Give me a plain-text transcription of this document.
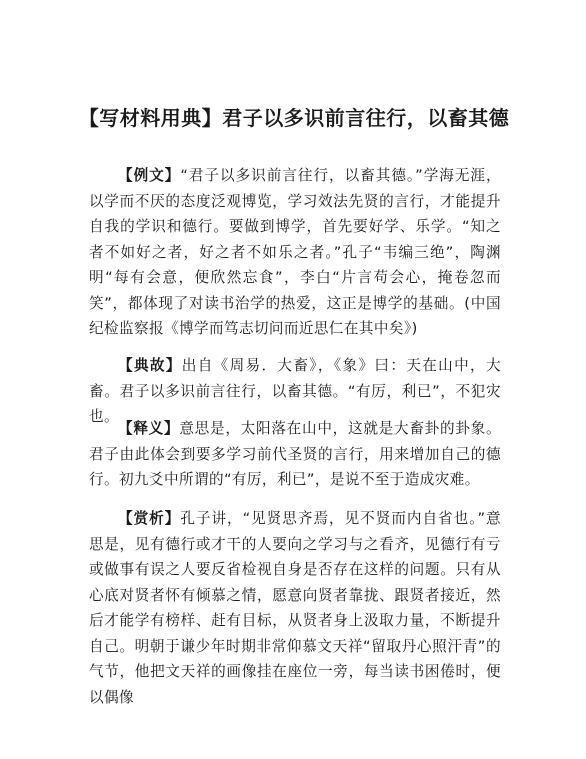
【写材料用典】君子以多识前言往行，以畜其德

【例文】“君子以多识前言往行，以畜其德。”学海无涯，以学而不厌的态度泛观博览，学习效法先贤的言行，才能提升自我的学识和德行。要做到博学，首先要好学、乐学。“知之者不如好之者，好之者不如乐之者。”孔子“韦编三绝”，陶渊明“每有会意，便欣然忘食”，李白“片言苟会心，掩卷忽而笑”，都体现了对读书治学的热爱，这正是博学的基础。(中国纪检监察报《博学而笃志切问而近思仁在其中矣》)

【典故】出自《周易．大畜》，《象》曰：天在山中，大畜。君子以多识前言往行，以畜其德。“有厉，利已”，不犯灾也。

【释义】意思是，太阳落在山中，这就是大畜卦的卦象。君子由此体会到要多学习前代圣贤的言行，用来增加自己的德行。初九爻中所谓的“有厉，利已”，是说不至于造成灾难。

【赏析】孔子讲，“见贤思齐焉，见不贤而内自省也。”意思是，见有德行或才干的人要向之学习与之看齐，见德行有亏或做事有误之人要反省检视自身是否存在这样的问题。只有从心底对贤者怀有倾慕之情，愿意向贤者靠拢、跟贤者接近，然后才能学有榜样、赶有目标，从贤者身上汲取力量，不断提升自己。明朝于谦少年时期非常仰慕文天祥“留取丹心照汗青”的气节，他把文天祥的画像挂在座位一旁，每当读书困倦时，便以偶像
